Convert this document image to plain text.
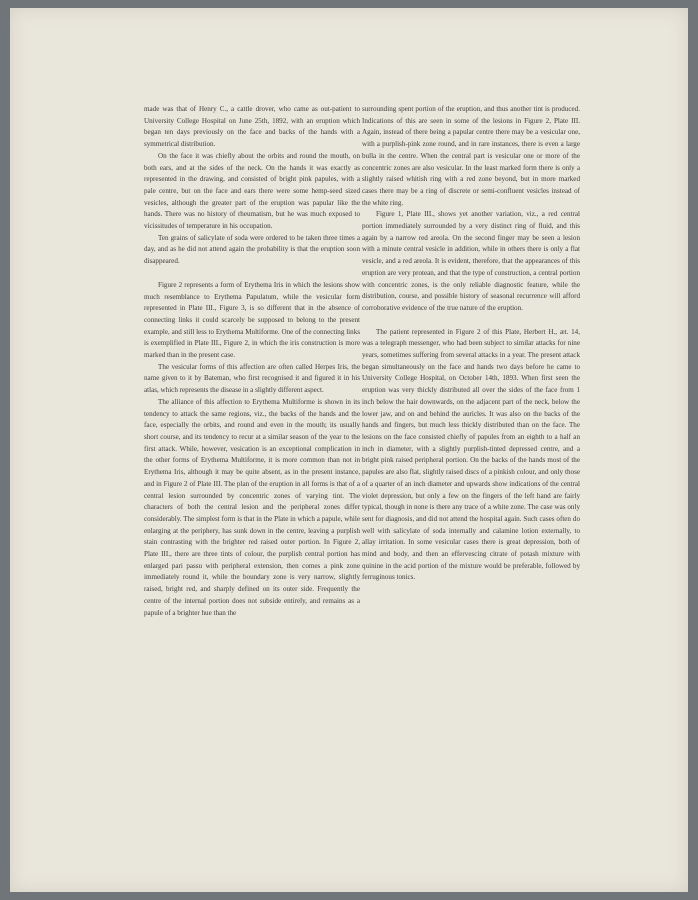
made was that of Henry C., a cattle drover, who came as out-patient to University College Hospital on June 25th, 1892, with an eruption which began ten days previously on the face and backs of the hands with a symmetrical distribution.

On the face it was chiefly about the orbits and round the mouth, on both ears, and at the sides of the neck. On the hands it was exactly as represented in the drawing, and consisted of bright pink papules, with a pale centre, but on the face and ears there were some hemp-seed sized vesicles, although the greater part of the eruption was papular like the hands. There was no history of rheumatism, but he was much exposed to vicissitudes of temperature in his occupation.

Ten grains of salicylate of soda were ordered to be taken three times a day, and as he did not attend again the probability is that the eruption soon disappeared.

Figure 2 represents a form of Erythema Iris in which the lesions show much resemblance to Erythema Papulatum, while the vesicular form represented in Plate III., Figure 3, is so different that in the absence of connecting links it could scarcely be supposed to belong to the present example, and still less to Erythema Multiforme. One of the connecting links is exemplified in Plate III., Figure 2, in which the iris construction is more marked than in the present case.

The vesicular forms of this affection are often called Herpes Iris, the name given to it by Bateman, who first recognised it and figured it in his atlas, which represents the disease in a slightly different aspect.

The alliance of this affection to Erythema Multiforme is shown in its tendency to attack the same regions, viz., the backs of the hands and the face, especially the orbits, and round and even in the mouth; its usually short course, and its tendency to recur at a similar season of the year to the first attack. While, however, vesication is an exceptional complication in the other forms of Erythema Multiforme, it is more common than not in Erythema Iris, although it may be quite absent, as in the present instance, and in Figure 2 of Plate III. The plan of the eruption in all forms is that of a central lesion surrounded by concentric zones of varying tint. The characters of both the central lesion and the peripheral zones differ considerably. The simplest form is that in the Plate in which a papule, while enlarging at the periphery, has sunk down in the centre, leaving a purplish stain contrasting with the brighter red raised outer portion. In Figure 2, Plate III., there are three tints of colour, the purplish central portion has enlarged pari passu with peripheral extension, then comes a pink zone immediately round it, while the boundary zone is very narrow, slightly raised, bright red, and sharply defined on its outer side. Frequently the centre of the internal portion does not subside entirely, and remains as a papule of a brighter hue than the

surrounding spent portion of the eruption, and thus another tint is produced. Indications of this are seen in some of the lesions in Figure 2, Plate III. Again, instead of there being a papular centre there may be a vesicular one, with a purplish-pink zone round, and in rare instances, there is even a large bulla in the centre. When the central part is vesicular one or more of the concentric zones are also vesicular. In the least marked form there is only a slightly raised whitish ring with a red zone beyond, but in more marked cases there may be a ring of discrete or semi-confluent vesicles instead of the white ring.

Figure 1, Plate III., shows yet another variation, viz., a red central portion immediately surrounded by a very distinct ring of fluid, and this again by a narrow red areola. On the second finger may be seen a lesion with a minute central vesicle in addition, while in others there is only a flat vesicle, and a red areola. It is evident, therefore, that the appearances of this eruption are very protean, and that the type of construction, a central portion with concentric zones, is the only reliable diagnostic feature, while the distribution, course, and possible history of seasonal recurrence will afford corroborative evidence of the true nature of the eruption.

The patient represented in Figure 2 of this Plate, Herbert H., æt. 14, was a telegraph messenger, who had been subject to similar attacks for nine years, sometimes suffering from several attacks in a year. The present attack began simultaneously on the face and hands two days before he came to University College Hospital, on October 14th, 1893. When first seen the eruption was very thickly distributed all over the sides of the face from 1 inch below the hair downwards, on the adjacent part of the neck, below the lower jaw, and on and behind the auricles. It was also on the backs of the hands and fingers, but much less thickly distributed than on the face. The lesions on the face consisted chiefly of papules from an eighth to a half an inch in diameter, with a slightly purplish-tinted depressed centre, and a bright pink raised peripheral portion. On the backs of the hands most of the papules are also flat, slightly raised discs of a pinkish colour, and only those of a quarter of an inch diameter and upwards show indications of the central violet depression, but only a few on the fingers of the left hand are fairly typical, though in none is there any trace of a white zone. The case was only sent for diagnosis, and did not attend the hospital again. Such cases often do well with salicylate of soda internally and calamine lotion externally, to allay irritation. In some vesicular cases there is great depression, both of mind and body, and then an effervescing citrate of potash mixture with quinine in the acid portion of the mixture would be preferable, followed by ferruginous tonics.
